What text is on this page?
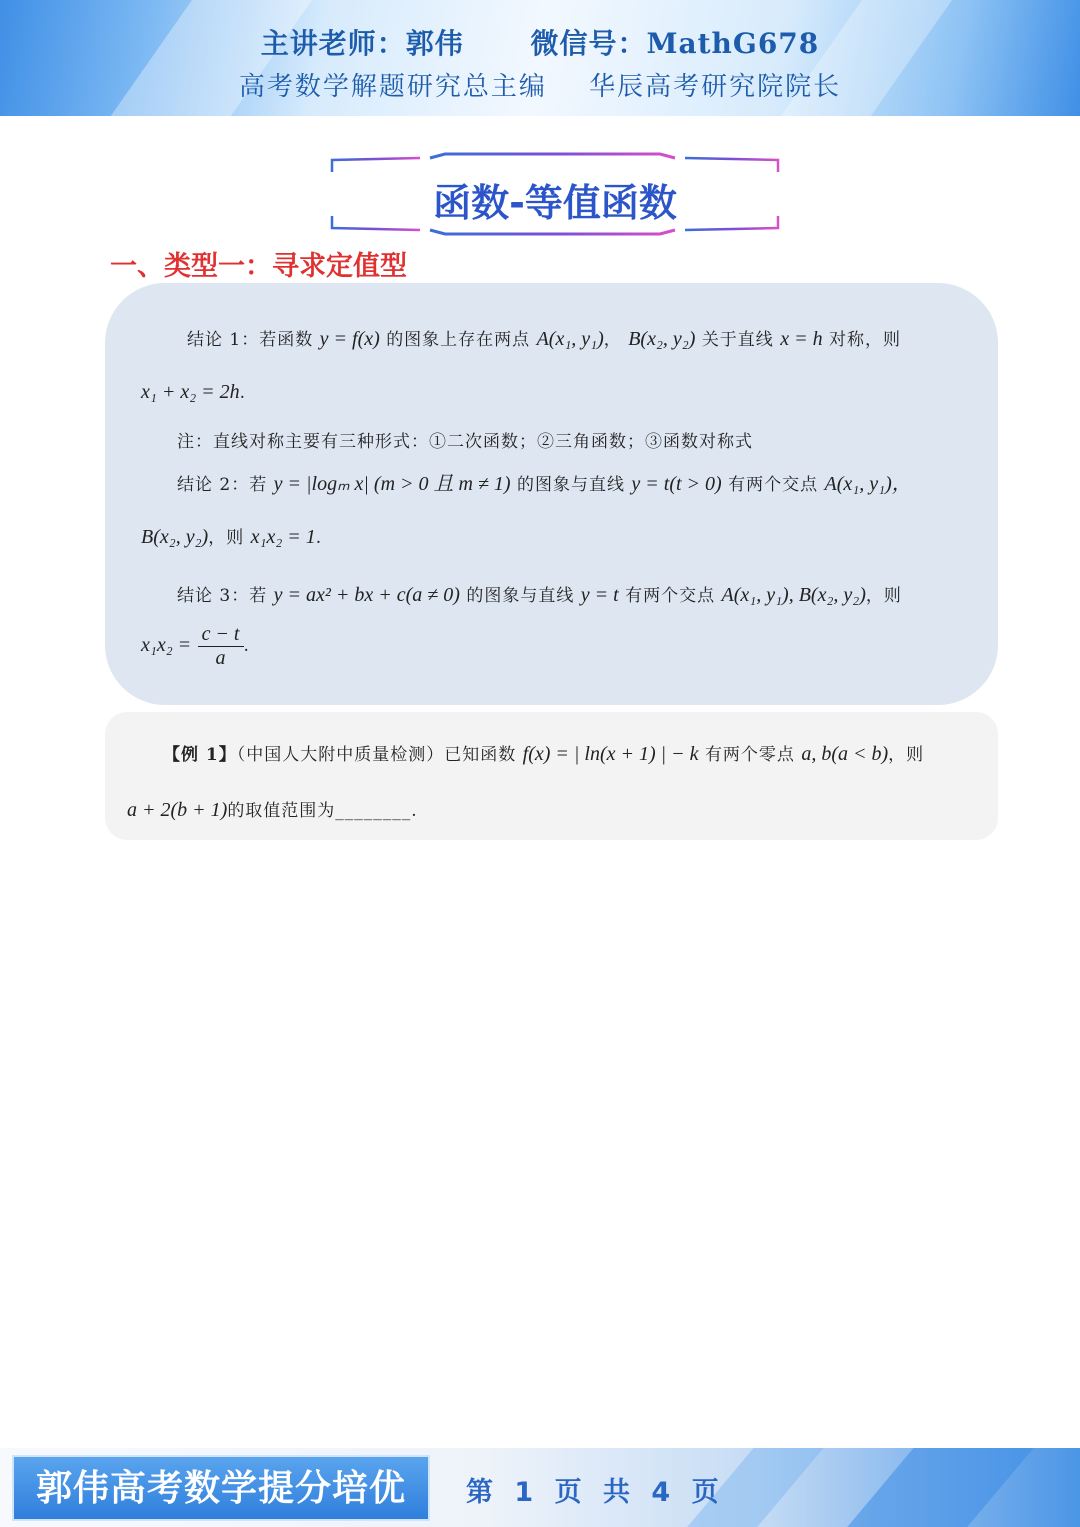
主讲老师：郭伟 微信号：MathG678
高考数学解题研究总主编 华辰高考研究院院长
函数-等值函数
一、类型一：寻求定值型
结论 1：若函数 y = f(x) 的图象上存在两点 A(x₁, y₁)， B(x₂, y₂) 关于直线 x = h 对称，则
x₁ + x₂ = 2h.
注：直线对称主要有三种形式：①二次函数；②三角函数；③函数对称式
结论 2：若 y = |logₘ x| (m > 0 且 m ≠ 1) 的图象与直线 y = t(t > 0) 有两个交点 A(x₁, y₁)，
B(x₂, y₂)，则 x₁x₂ = 1.
结论 3：若 y = ax² + bx + c(a ≠ 0) 的图象与直线 y = t 有两个交点 A(x₁, y₁), B(x₂, y₂)，则
$x_1x_2 = \frac{c - t}{a}$ .
【例 1】（中国人大附中质量检测）已知函数 f(x) = | ln(x + 1) | − k 有两个零点 a, b(a < b)，则
a + 2(b + 1)的取值范围为________.
郭伟高考数学提分培优	第 1 页 共 4 页
